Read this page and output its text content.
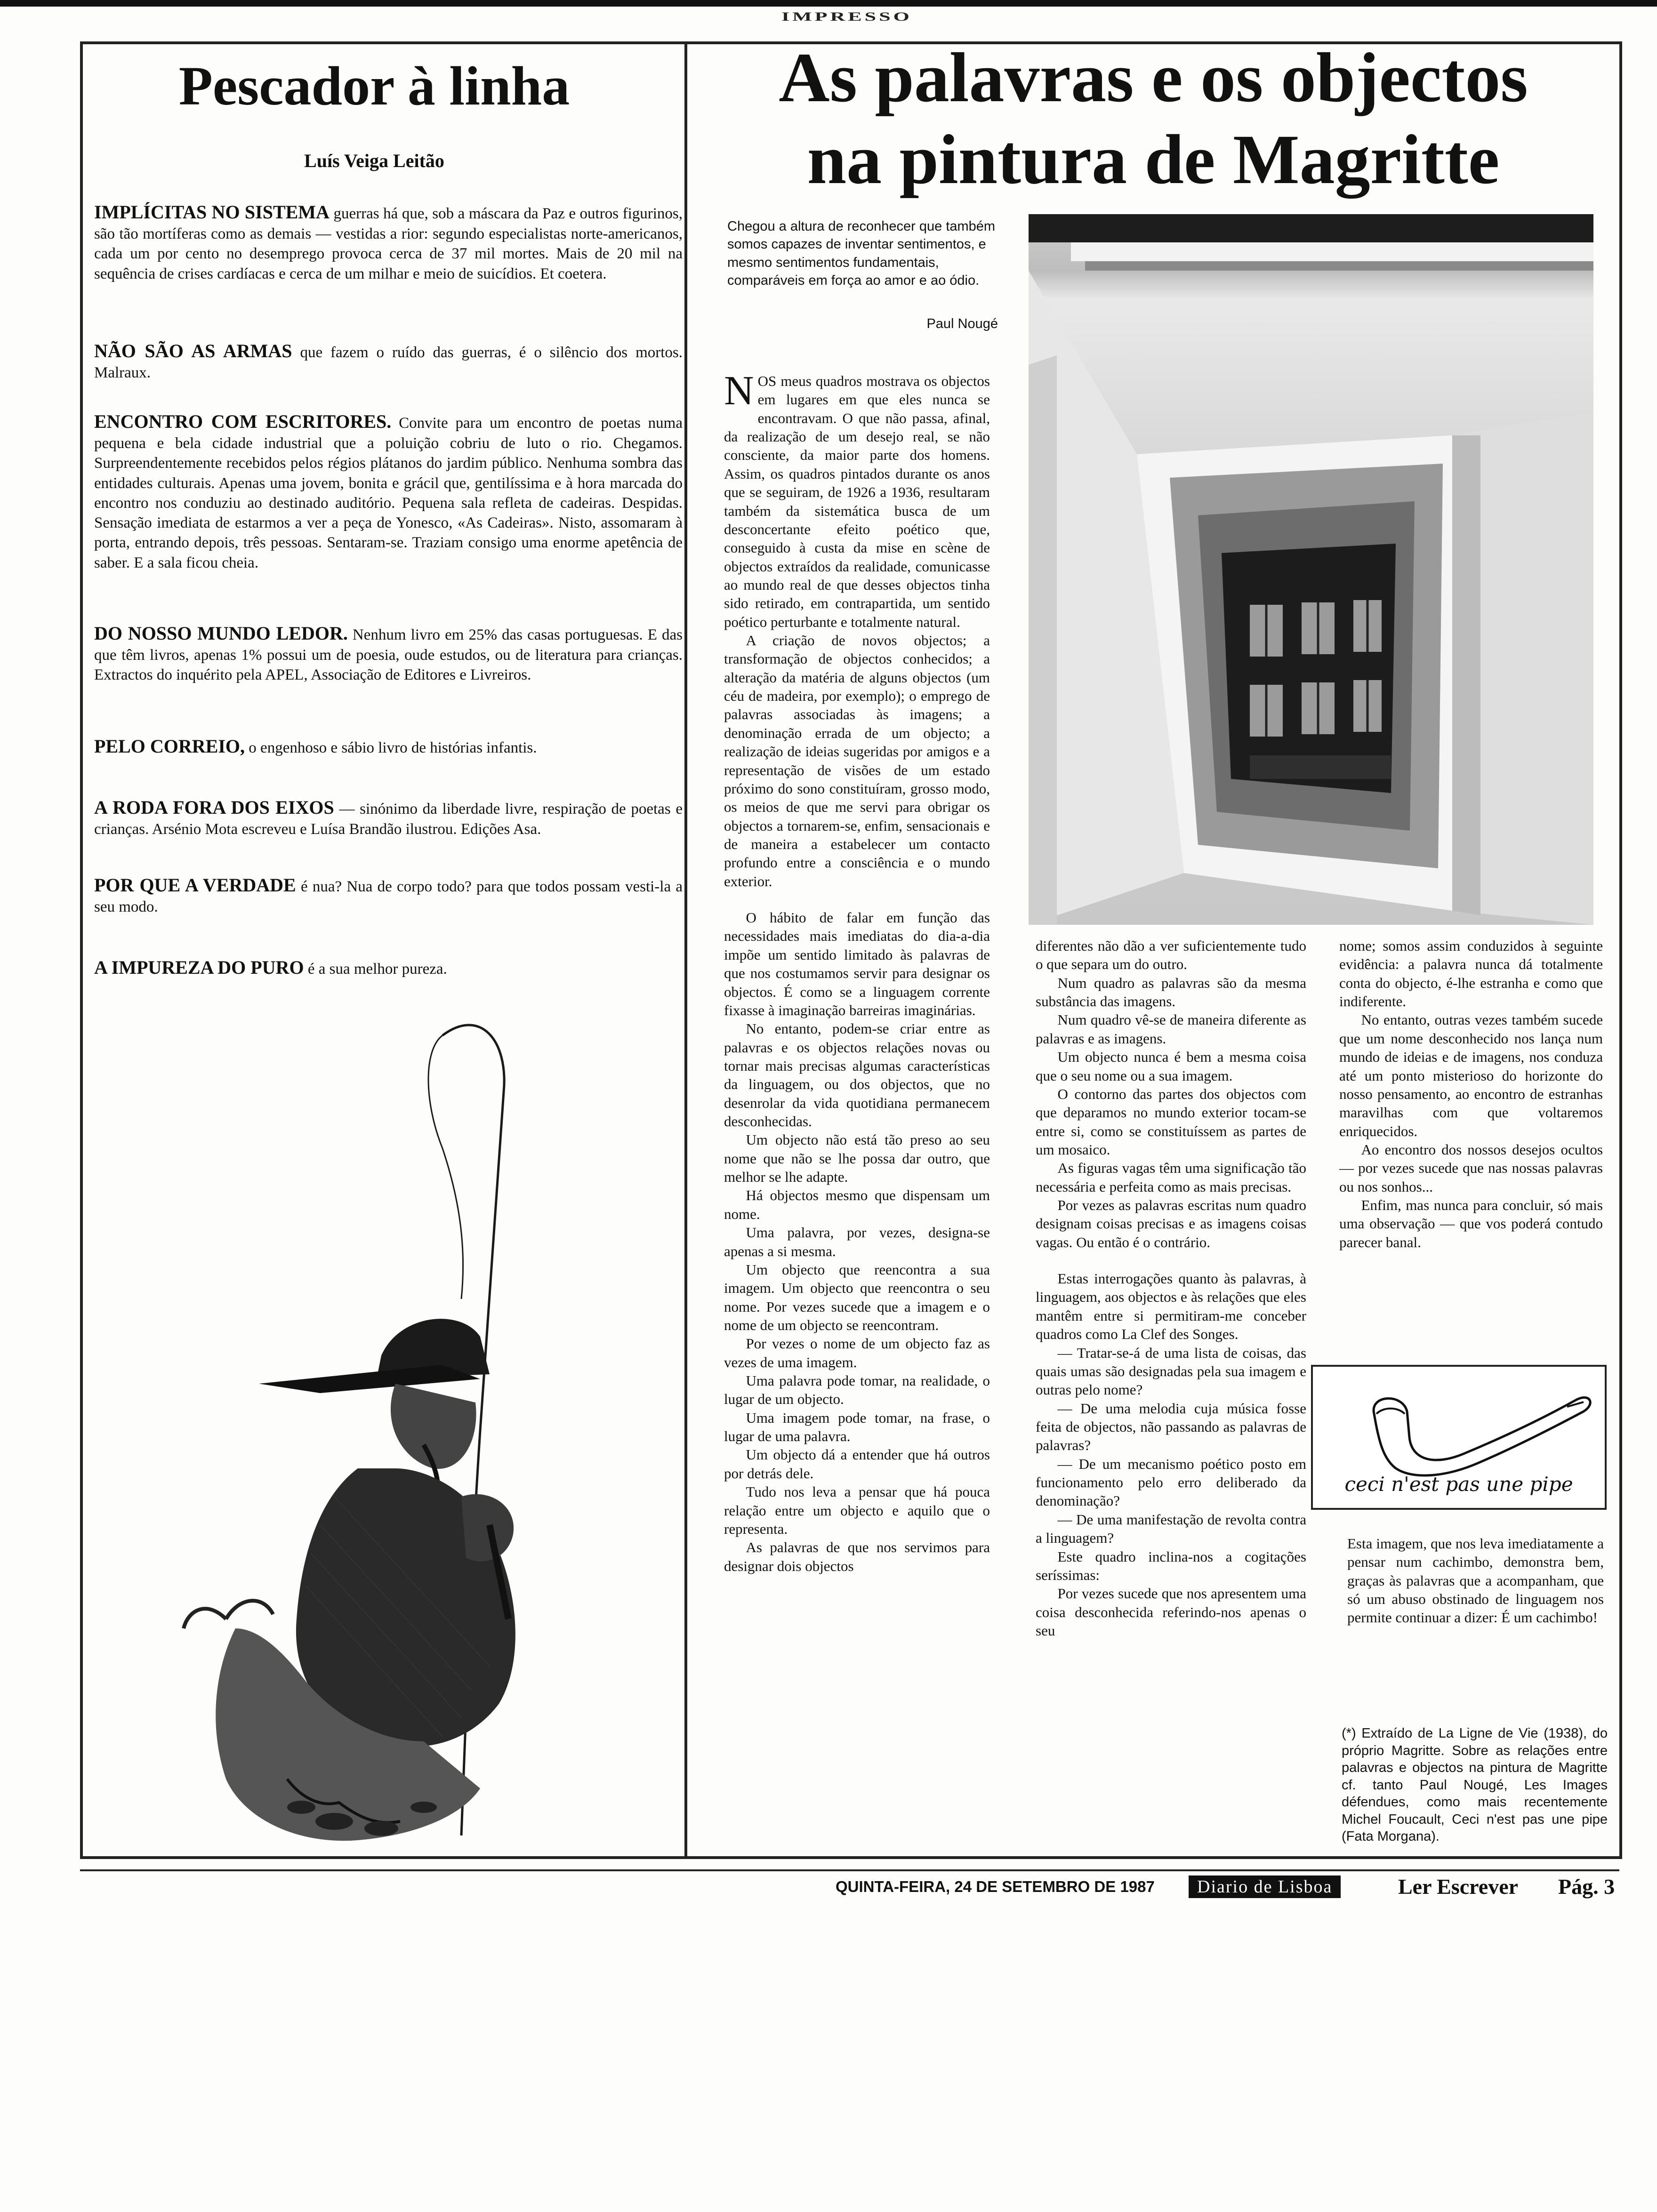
IMPRESSO
Pescador à linha
Luís Veiga Leitão
IMPLÍCITAS NO SISTEMA guerras há que, sob a máscara da Paz e outros figurinos, são tão mortíferas como as demais — vestidas a rior: segundo especialistas norte-americanos, cada um por cento no desemprego provoca cerca de 37 mil mortes. Mais de 20 mil na sequência de crises cardíacas e cerca de um milhar e meio de suicídios. Et coetera.
NÃO SÃO AS ARMAS que fazem o ruído das guerras, é o silêncio dos mortos. Malraux.
ENCONTRO COM ESCRITORES. Convite para um encontro de poetas numa pequena e bela cidade industrial que a poluição cobriu de luto o rio. Chegamos. Surpreendentemente recebidos pelos régios plátanos do jardim público. Nenhuma sombra das entidades culturais. Apenas uma jovem, bonita e grácil que, gentilíssima e à hora marcada do encontro nos conduziu ao destinado auditório. Pequena sala refleta de cadeiras. Despidas. Sensação imediata de estarmos a ver a peça de Yonesco, «As Cadeiras». Nisto, assomaram à porta, entrando depois, três pessoas. Sentaram-se. Traziam consigo uma enorme apetência de saber. E a sala ficou cheia.
DO NOSSO MUNDO LEDOR. Nenhum livro em 25% das casas portuguesas. E das que têm livros, apenas 1% possui um de poesia, oude estudos, ou de literatura para crianças. Extractos do inquérito pela APEL, Associação de Editores e Livreiros.
PELO CORREIO, o engenhoso e sábio livro de histórias infantis.
A RODA FORA DOS EIXOS — sinónimo da liberdade livre, respiração de poetas e crianças. Arsénio Mota escreveu e Luísa Brandão ilustrou. Edições Asa.
POR QUE A VERDADE é nua? Nua de corpo todo? para que todos possam vesti-la a seu modo.
A IMPUREZA DO PURO é a sua melhor pureza.
As palavras e os objectos
na pintura de Magritte
Chegou a altura de reconhecer que também somos capazes de inventar sentimentos, e mesmo sentimentos fundamentais, comparáveis em força ao amor e ao ódio.
Paul Nougé

NOS meus quadros mostrava os objectos em lugares em que eles nunca se encontravam. O que não passa, afinal, da realização de um desejo real, se não consciente, da maior parte dos homens. Assim, os quadros pintados durante os anos que se seguiram, de 1926 a 1936, resultaram também da sistemática busca de um desconcertante efeito poético que, conseguido à custa da mise en scène de objectos extraídos da realidade, comunicasse ao mundo real de que desses objectos tinha sido retirado, em contrapartida, um sentido poético perturbante e totalmente natural.

A criação de novos objectos; a transformação de objectos conhecidos; a alteração da matéria de alguns objectos (um céu de madeira, por exemplo); o emprego de palavras associadas às imagens; a denominação errada de um objecto; a realização de ideias sugeridas por amigos e a representação de visões de um estado próximo do sono constituíram, grosso modo, os meios de que me servi para obrigar os objectos a tornarem-se, enfim, sensacionais e de maneira a estabelecer um contacto profundo entre a consciência e o mundo exterior.

O hábito de falar em função das necessidades mais imediatas do dia-a-dia impõe um sentido limitado às palavras de que nos costumamos servir para designar os objectos. É como se a linguagem corrente fixasse à imaginação barreiras imaginárias.

No entanto, podem-se criar entre as palavras e os objectos relações novas ou tornar mais precisas algumas características da linguagem, ou dos objectos, que no desenrolar da vida quotidiana permanecem desconhecidas.

Um objecto não está tão preso ao seu nome que não se lhe possa dar outro, que melhor se lhe adapte.

Há objectos mesmo que dispensam um nome.

Uma palavra, por vezes, designa-se apenas a si mesma.

Um objecto que reencontra a sua imagem. Um objecto que reencontra o seu nome. Por vezes sucede que a imagem e o nome de um objecto se reencontram.

Por vezes o nome de um objecto faz as vezes de uma imagem.

Uma palavra pode tomar, na realidade, o lugar de um objecto.

Uma imagem pode tomar, na frase, o lugar de uma palavra.

Um objecto dá a entender que há outros por detrás dele.

Tudo nos leva a pensar que há pouca relação entre um objecto e aquilo que o representa.

As palavras de que nos servimos para designar dois objectos

diferentes não dão a ver suficientemente tudo o que separa um do outro.

Num quadro as palavras são da mesma substância das imagens.

Num quadro vê-se de maneira diferente as palavras e as imagens.

Um objecto nunca é bem a mesma coisa que o seu nome ou a sua imagem.

O contorno das partes dos objectos com que deparamos no mundo exterior tocam-se entre si, como se constituíssem as partes de um mosaico.

As figuras vagas têm uma significação tão necessária e perfeita como as mais precisas.

Por vezes as palavras escritas num quadro designam coisas precisas e as imagens coisas vagas. Ou então é o contrário.

Estas interrogações quanto às palavras, à linguagem, aos objectos e às relações que eles mantêm entre si permitiram-me conceber quadros como La Clef des Songes.

— Tratar-se-á de uma lista de coisas, das quais umas são designadas pela sua imagem e outras pelo nome?

— De uma melodia cuja música fosse feita de objectos, não passando as palavras de palavras?

— De um mecanismo poético posto em funcionamento pelo erro deliberado da denominação?

— De uma manifestação de revolta contra a linguagem?

Este quadro inclina-nos a cogitações seríssimas:

Por vezes sucede que nos apresentem uma coisa desconhecida referindo-nos apenas o seu

nome; somos assim conduzidos à seguinte evidência: a palavra nunca dá totalmente conta do objecto, é-lhe estranha e como que indiferente.

No entanto, outras vezes também sucede que um nome desconhecido nos lança num mundo de ideias e de imagens, nos conduza até um ponto misterioso do horizonte do nosso pensamento, ao encontro de estranhas maravilhas com que voltaremos enriquecidos.

Ao encontro dos nossos desejos ocultos — por vezes sucede que nas nossas palavras ou nos sonhos...

Enfim, mas nunca para concluir, só mais uma observação — que vos poderá contudo parecer banal.

ceci n'est pas une pipe
Esta imagem, que nos leva imediatamente a pensar num cachimbo, demonstra bem, graças às palavras que a acompanham, que só um abuso obstinado de linguagem nos permite continuar a dizer: É um cachimbo!
(*) Extraído de La Ligne de Vie (1938), do próprio Magritte. Sobre as relações entre palavras e objectos na pintura de Magritte cf. tanto Paul Nougé, Les Images défendues, como mais recentemente Michel Foucault, Ceci n'est pas une pipe (Fata Morgana).
QUINTA-FEIRA, 24 DE SETEMBRO DE 1987	Diario de Lisboa	Ler Escrever Pág. 3
